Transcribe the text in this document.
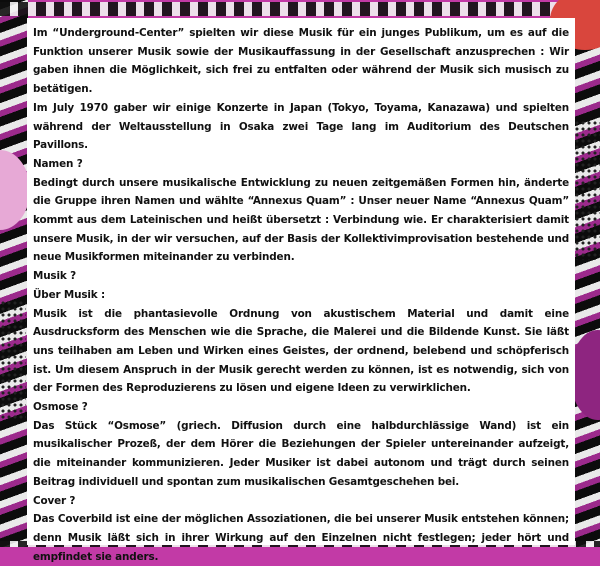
Im “Underground-Center” spielten wir diese Musik für ein junges Publikum, um es auf die Funktion unserer Musik sowie der Musikauffassung in der Gesellschaft anzusprechen : Wir gaben ihnen die Möglichkeit, sich frei zu entfalten oder während der Musik sich musisch zu betätigen.

Im July 1970 gaber wir einige Konzerte in Japan (Tokyo, Toyama, Kanazawa) und spielten während der Weltausstellung in Osaka zwei Tage lang im Auditorium des Deutschen Pavillons.

Namen ?

Bedingt durch unsere musikalische Entwicklung zu neuen zeitgemäßen Formen hin, änderte die Gruppe ihren Namen und wählte “Annexus Quam” : Unser neuer Name “Annexus Quam” kommt aus dem Lateinischen und heißt übersetzt : Verbindung wie. Er charakterisiert damit unsere Musik, in der wir versuchen, auf der Basis der Kollektivimprovisation bestehende und neue Musikformen miteinander zu verbinden.

Musik ?

Über Musik :

Musik ist die phantasievolle Ordnung von akustischem Material und damit eine Ausdrucksform des Menschen wie die Sprache, die Malerei und die Bildende Kunst. Sie läßt uns teilhaben am Leben und Wirken eines Geistes, der ordnend, belebend und schöpferisch ist. Um diesem Anspruch in der Musik gerecht werden zu können, ist es notwendig, sich von der Formen des Reproduzierens zu lösen und eigene Ideen zu verwirklichen.

Osmose ?

Das Stück “Osmose” (griech. Diffusion durch eine halbdurchlässige Wand) ist ein musikalischer Prozeß, der dem Hörer die Beziehungen der Spieler untereinander aufzeigt, die miteinander kommunizieren. Jeder Musiker ist dabei autonom und trägt durch seinen Beitrag individuell und spontan zum musikalischen Gesamtgeschehen bei.

Cover ?

Das Coverbild ist eine der möglichen Assoziationen, die bei unserer Musik entstehen können; denn Musik läßt sich in ihrer Wirkung auf den Einzelnen nicht festlegen; jeder hört und empfindet sie anders.
